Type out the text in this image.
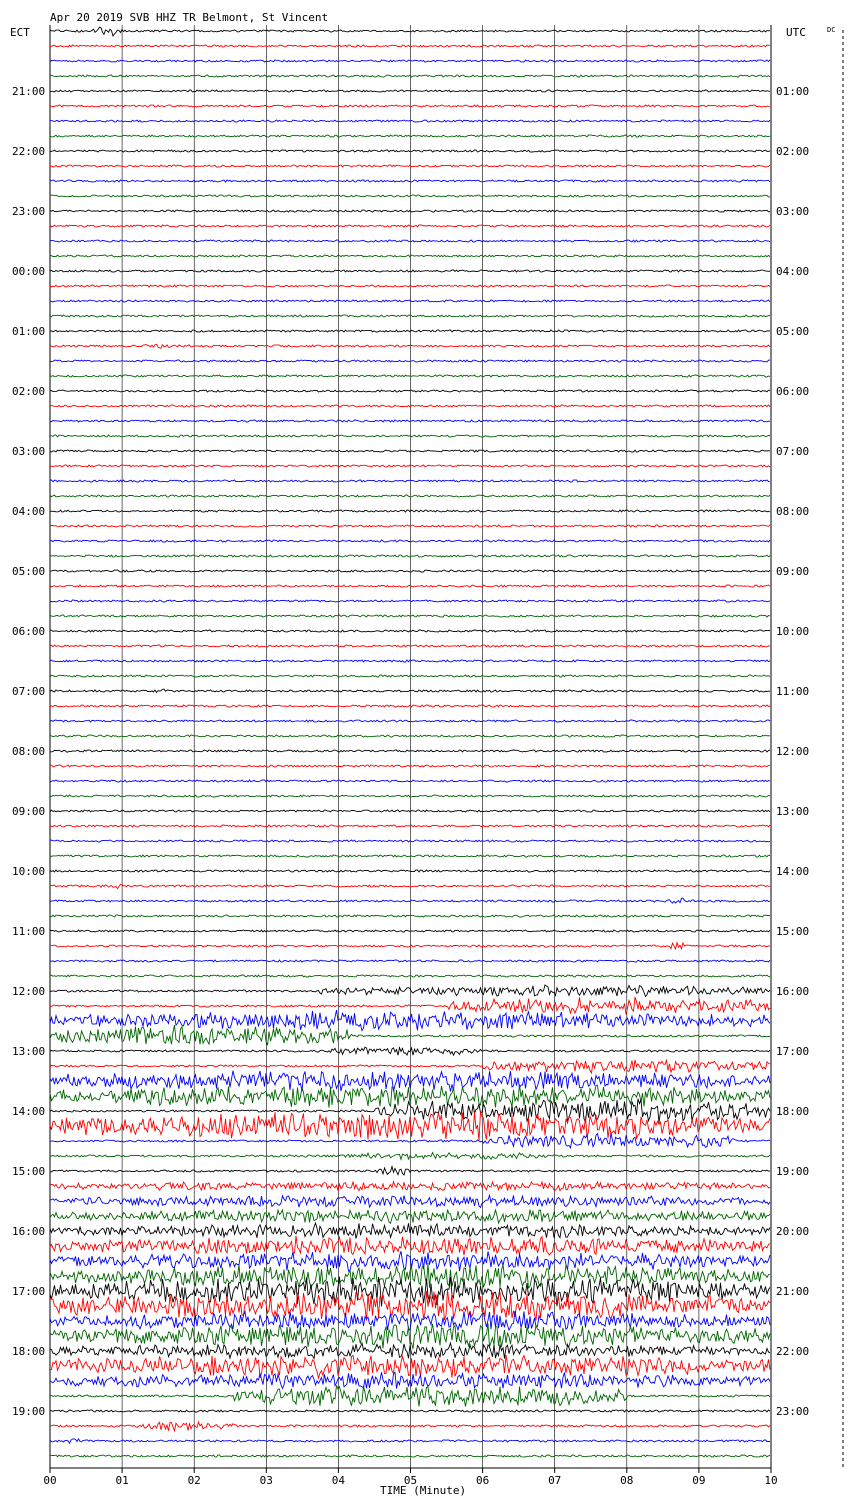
21:00
22:00
23:00
00:00
01:00
02:00
03:00
04:00
05:00
06:00
07:00
08:00
09:00
10:00
11:00
12:00
13:00
14:00
15:00
16:00
17:00
18:00
19:00
01:00
02:00
03:00
04:00
05:00
06:00
07:00
08:00
09:00
10:00
11:00
12:00
13:00
14:00
15:00
16:00
17:00
18:00
19:00
20:00
21:00
22:00
23:00
00	01	02	03	04	05	06	07	08	09	10
Apr 20 2019 SVB HHZ TR Belmont, St Vincent
ECT	UTC	DC
TIME (Minute)
